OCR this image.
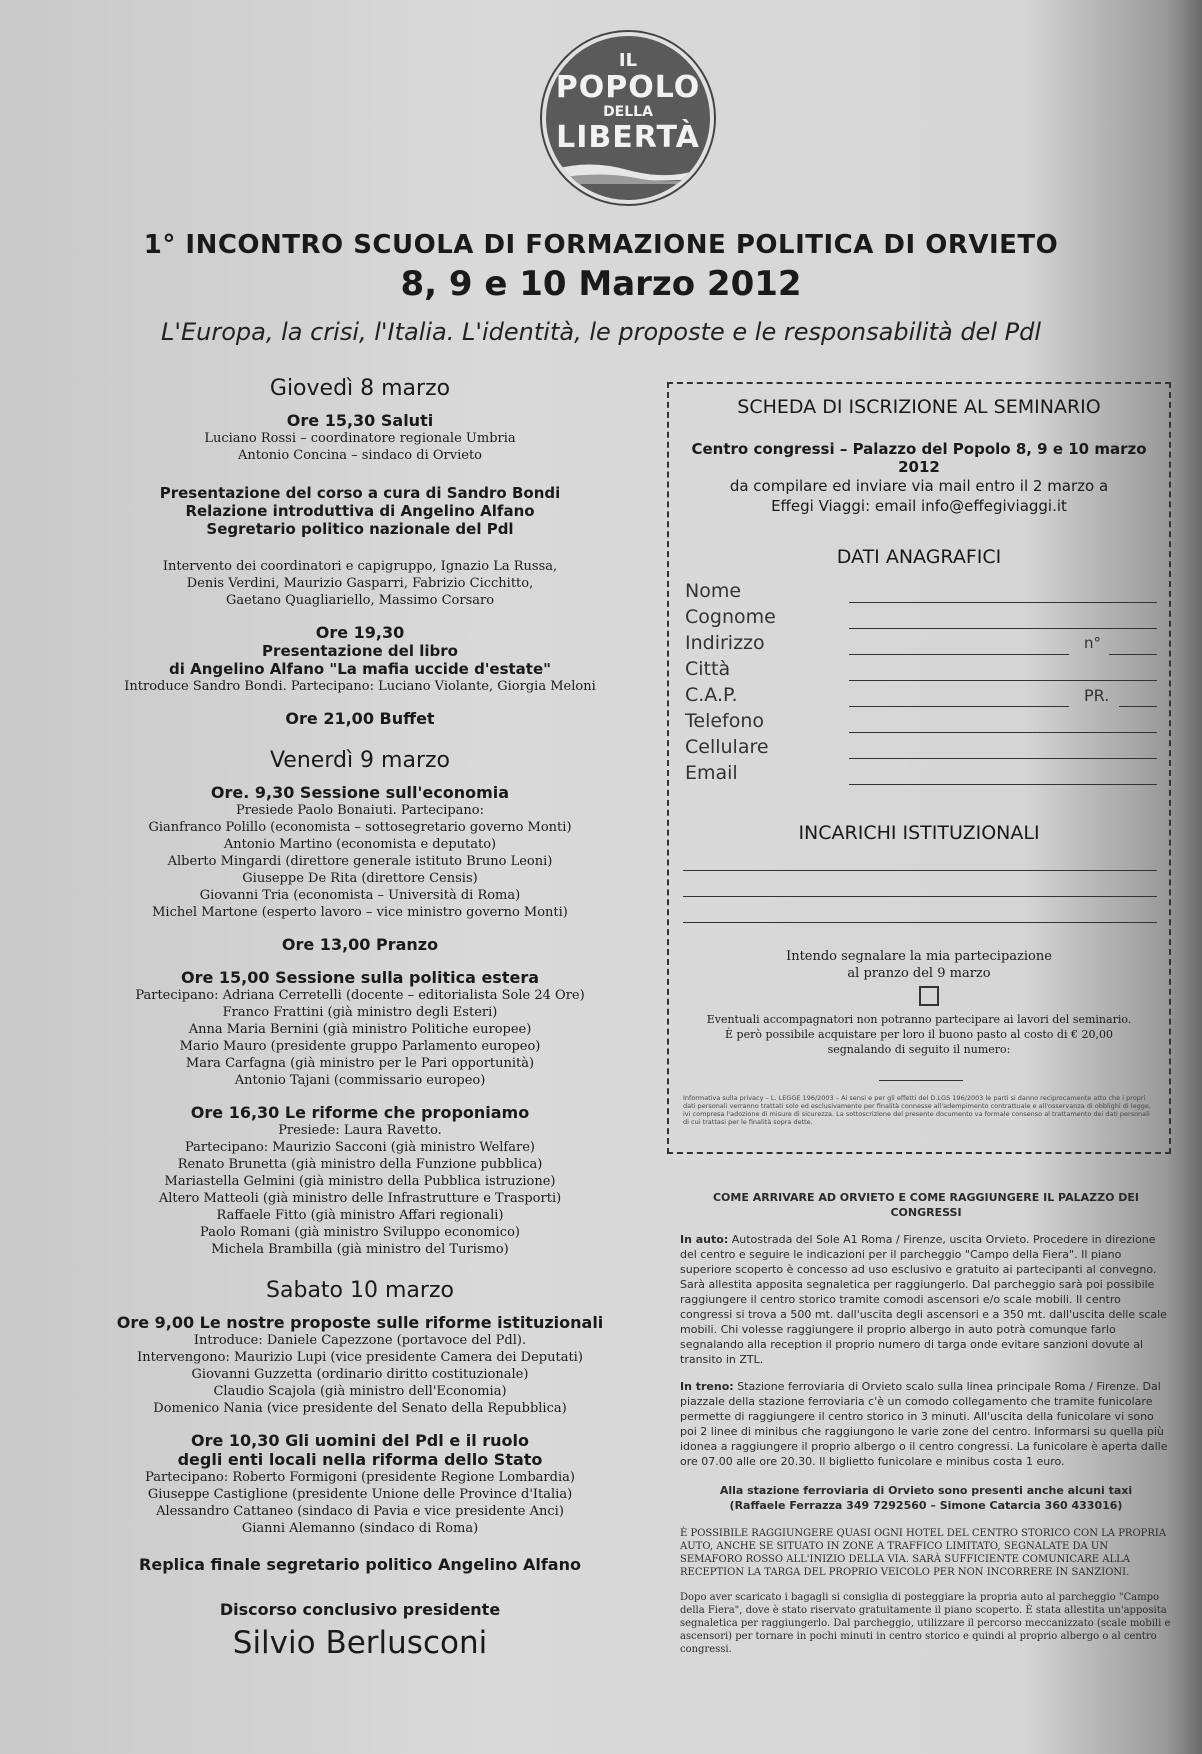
IL
POPOLO
DELLA
LIBERTÀ
1° INCONTRO SCUOLA DI FORMAZIONE POLITICA DI ORVIETO
8, 9 e 10 Marzo 2012
L'Europa, la crisi, l'Italia. L'identità, le proposte e le responsabilità del Pdl
Giovedì 8 marzo
Ore 15,30 Saluti
Luciano Rossi – coordinatore regionale Umbria
Antonio Concina – sindaco di Orvieto
Presentazione del corso a cura di Sandro Bondi
Relazione introduttiva di Angelino Alfano
Segretario politico nazionale del Pdl
Intervento dei coordinatori e capigruppo, Ignazio La Russa,
Denis Verdini, Maurizio Gasparri, Fabrizio Cicchitto,
Gaetano Quagliariello, Massimo Corsaro
Ore 19,30
Presentazione del libro
di Angelino Alfano "La mafia uccide d'estate"
Introduce Sandro Bondi. Partecipano: Luciano Violante, Giorgia Meloni
Ore 21,00 Buffet
Venerdì 9 marzo
Ore. 9,30 Sessione sull'economia
Presiede Paolo Bonaiuti. Partecipano:
Gianfranco Polillo (economista – sottosegretario governo Monti)
Antonio Martino (economista e deputato)
Alberto Mingardi (direttore generale istituto Bruno Leoni)
Giuseppe De Rita (direttore Censis)
Giovanni Tria (economista – Università di Roma)
Michel Martone (esperto lavoro – vice ministro governo Monti)
Ore 13,00 Pranzo
Ore 15,00 Sessione sulla politica estera
Partecipano: Adriana Cerretelli (docente – editorialista Sole 24 Ore)
Franco Frattini (già ministro degli Esteri)
Anna Maria Bernini (già ministro Politiche europee)
Mario Mauro (presidente gruppo Parlamento europeo)
Mara Carfagna (già ministro per le Pari opportunità)
Antonio Tajani (commissario europeo)
Ore 16,30 Le riforme che proponiamo
Presiede: Laura Ravetto.
Partecipano: Maurizio Sacconi (già ministro Welfare)
Renato Brunetta (già ministro della Funzione pubblica)
Mariastella Gelmini (già ministro della Pubblica istruzione)
Altero Matteoli (già ministro delle Infrastrutture e Trasporti)
Raffaele Fitto (già ministro Affari regionali)
Paolo Romani (già ministro Sviluppo economico)
Michela Brambilla (già ministro del Turismo)
Sabato 10 marzo
Ore 9,00 Le nostre proposte sulle riforme istituzionali
Introduce: Daniele Capezzone (portavoce del Pdl).
Intervengono: Maurizio Lupi (vice presidente Camera dei Deputati)
Giovanni Guzzetta (ordinario diritto costituzionale)
Claudio Scajola (già ministro dell'Economia)
Domenico Nania (vice presidente del Senato della Repubblica)
Ore 10,30 Gli uomini del Pdl e il ruolo
degli enti locali nella riforma dello Stato
Partecipano: Roberto Formigoni (presidente Regione Lombardia)
Giuseppe Castiglione (presidente Unione delle Province d'Italia)
Alessandro Cattaneo (sindaco di Pavia e vice presidente Anci)
Gianni Alemanno (sindaco di Roma)
Replica finale segretario politico Angelino Alfano
Discorso conclusivo presidente
Silvio Berlusconi
SCHEDA DI ISCRIZIONE AL SEMINARIO
Centro congressi – Palazzo del Popolo 8, 9 e 10 marzo 2012
da compilare ed inviare via mail entro il 2 marzo a
Effegi Viaggi: email info@effegiviaggi.it
DATI ANAGRAFICI
Nome
Cognome
Indirizzo	n°
Città
C.A.P.	PR.
Telefono
Cellulare
Email
INCARICHI ISTITUZIONALI
Intendo segnalare la mia partecipazione
al pranzo del 9 marzo
Eventuali accompagnatori non potranno partecipare ai lavori del seminario.
È però possibile acquistare per loro il buono pasto al costo di € 20,00
segnalando di seguito il numero:
Informativa sulla privacy – L. LEGGE 196/2003 – Ai sensi e per gli effetti del D.LGS 196/2003 le parti si danno reciprocamente atto che i propri dati personali verranno trattati solo ed esclusivamente per finalità connesse all'adempimento contrattuale e all'osservanza di obblighi di legge, ivi compresa l'adozione di misure di sicurezza. La sottoscrizione del presente documento va formale consenso al trattamento dei dati personali di cui trattasi per le finalità sopra dette.
COME ARRIVARE AD ORVIETO E COME RAGGIUNGERE IL PALAZZO DEI CONGRESSI

In auto: Autostrada del Sole A1 Roma / Firenze, uscita Orvieto. Procedere in direzione del centro e seguire le indicazioni per il parcheggio "Campo della Fiera". Il piano superiore scoperto è concesso ad uso esclusivo e gratuito ai partecipanti al convegno. Sarà allestita apposita segnaletica per raggiungerlo. Dal parcheggio sarà poi possibile raggiungere il centro storico tramite comodi ascensori e/o scale mobili. Il centro congressi si trova a 500 mt. dall'uscita degli ascensori e a 350 mt. dall'uscita delle scale mobili. Chi volesse raggiungere il proprio albergo in auto potrà comunque farlo segnalando alla reception il proprio numero di targa onde evitare sanzioni dovute al transito in ZTL.

In treno: Stazione ferroviaria di Orvieto scalo sulla linea principale Roma / Firenze. Dal piazzale della stazione ferroviaria c'è un comodo collegamento che tramite funicolare permette di raggiungere il centro storico in 3 minuti. All'uscita della funicolare vi sono poi 2 linee di minibus che raggiungono le varie zone del centro. Informarsi su quella più idonea a raggiungere il proprio albergo o il centro congressi. La funicolare è aperta dalle ore 07.00 alle ore 20.30. Il biglietto funicolare e minibus costa 1 euro.

Alla stazione ferroviaria di Orvieto sono presenti anche alcuni taxi
(Raffaele Ferrazza 349 7292560 – Simone Catarcia 360 433016)

È POSSIBILE RAGGIUNGERE QUASI OGNI HOTEL DEL CENTRO STORICO CON LA PROPRIA AUTO, ANCHE SE SITUATO IN ZONE A TRAFFICO LIMITATO, SEGNALATE DA UN SEMAFORO ROSSO ALL'INIZIO DELLA VIA. SARÀ SUFFICIENTE COMUNICARE ALLA RECEPTION LA TARGA DEL PROPRIO VEICOLO PER NON INCORRERE IN SANZIONI.

Dopo aver scaricato i bagagli si consiglia di posteggiare la propria auto al parcheggio "Campo della Fiera", dove è stato riservato gratuitamente il piano scoperto. È stata allestita un'apposita segnaletica per raggiungerlo. Dal parcheggio, utilizzare il percorso meccanizzato (scale mobili e ascensori) per tornare in pochi minuti in centro storico e quindi al proprio albergo o al centro congressi.
